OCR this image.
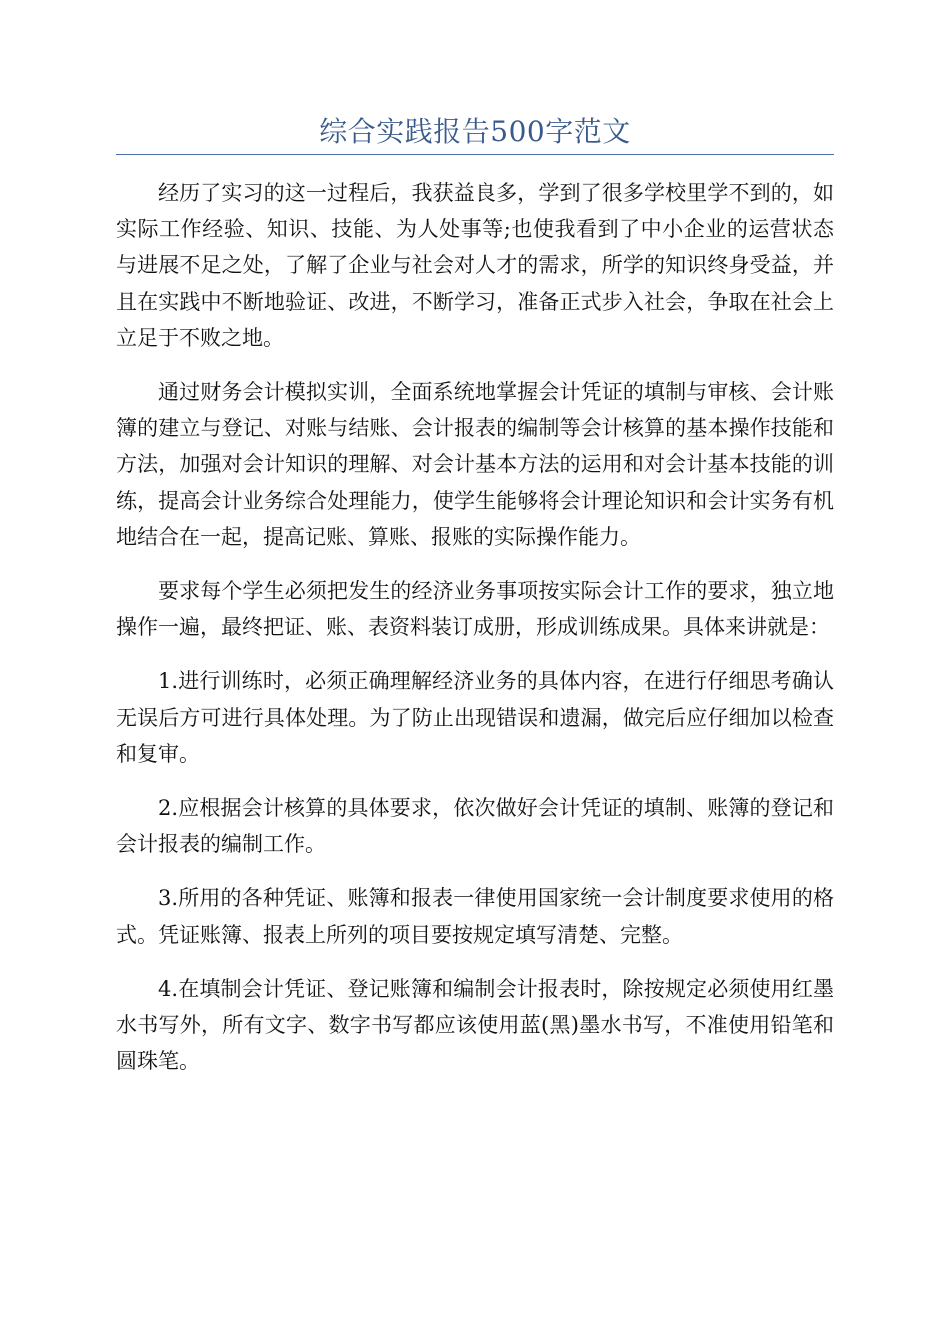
综合实践报告500字范文

经历了实习的这一过程后，我获益良多，学到了很多学校里学不到的，如实际工作经验、知识、技能、为人处事等;也使我看到了中小企业的运营状态与进展不足之处，了解了企业与社会对人才的需求，所学的知识终身受益，并且在实践中不断地验证、改进，不断学习，准备正式步入社会，争取在社会上立足于不败之地。

通过财务会计模拟实训，全面系统地掌握会计凭证的填制与审核、会计账簿的建立与登记、对账与结账、会计报表的编制等会计核算的基本操作技能和方法，加强对会计知识的理解、对会计基本方法的运用和对会计基本技能的训练，提高会计业务综合处理能力，使学生能够将会计理论知识和会计实务有机地结合在一起，提高记账、算账、报账的实际操作能力。

要求每个学生必须把发生的经济业务事项按实际会计工作的要求，独立地操作一遍，最终把证、账、表资料装订成册，形成训练成果。具体来讲就是：

1.进行训练时，必须正确理解经济业务的具体内容，在进行仔细思考确认无误后方可进行具体处理。为了防止出现错误和遗漏，做完后应仔细加以检查和复审。

2.应根据会计核算的具体要求，依次做好会计凭证的填制、账簿的登记和会计报表的编制工作。

3.所用的各种凭证、账簿和报表一律使用国家统一会计制度要求使用的格式。凭证账簿、报表上所列的项目要按规定填写清楚、完整。

4.在填制会计凭证、登记账簿和编制会计报表时，除按规定必须使用红墨水书写外，所有文字、数字书写都应该使用蓝(黑)墨水书写，不准使用铅笔和圆珠笔。
